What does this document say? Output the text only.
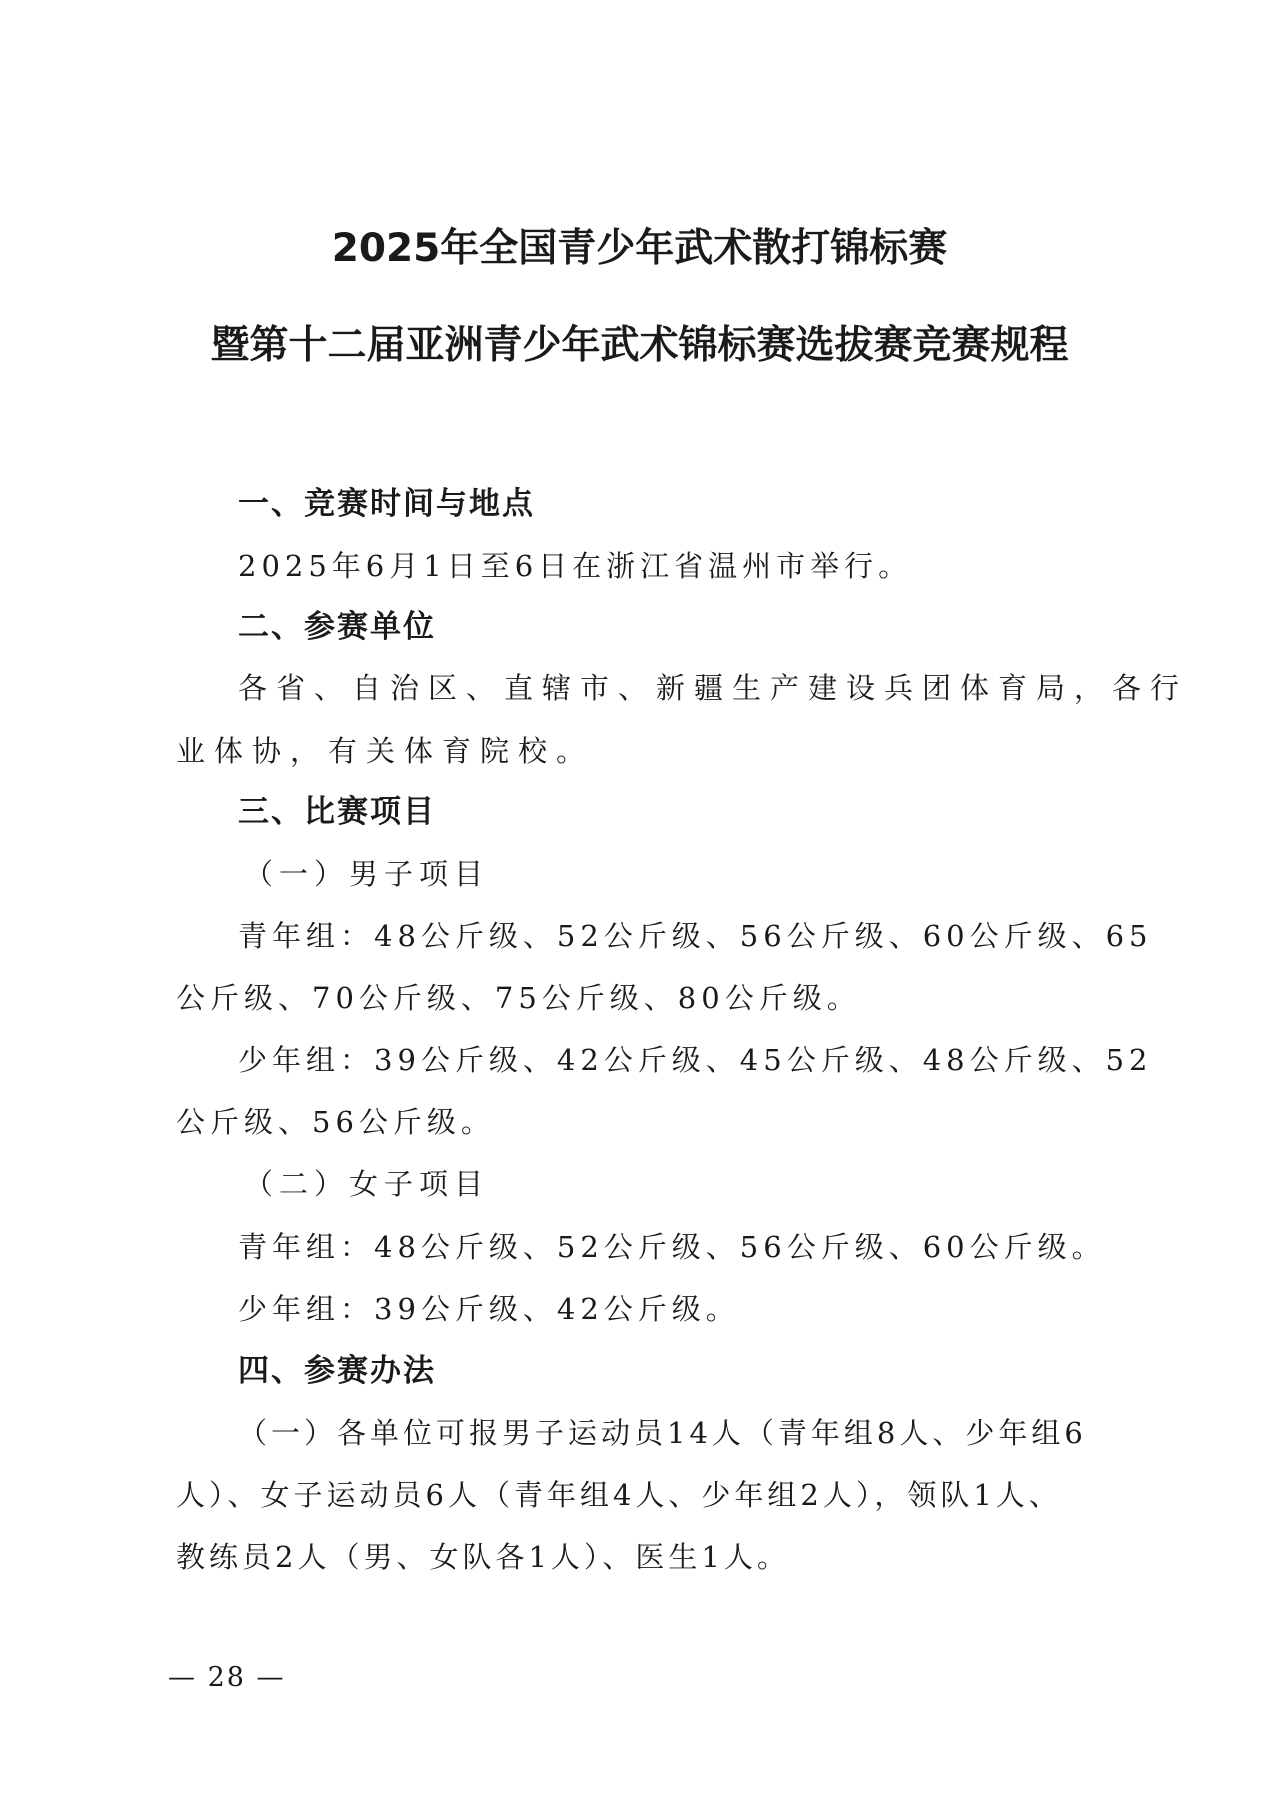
2025年全国青少年武术散打锦标赛
暨第十二届亚洲青少年武术锦标赛选拔赛竞赛规程
一、竞赛时间与地点
2025年6月1日至6日在浙江省温州市举行。
二、参赛单位
各省、自治区、直辖市、新疆生产建设兵团体育局，各行
业体协，有关体育院校。
三、比赛项目
（一）男子项目
青年组：48公斤级、52公斤级、56公斤级、60公斤级、65
公斤级、70公斤级、75公斤级、80公斤级。
少年组：39公斤级、42公斤级、45公斤级、48公斤级、52
公斤级、56公斤级。
（二）女子项目
青年组：48公斤级、52公斤级、56公斤级、60公斤级。
少年组：39公斤级、42公斤级。
四、参赛办法
（一）各单位可报男子运动员14人（青年组8人、少年组6
人）、女子运动员6人（青年组4人、少年组2人），领队1人、
教练员2人（男、女队各1人）、医生1人。
— 28 —
